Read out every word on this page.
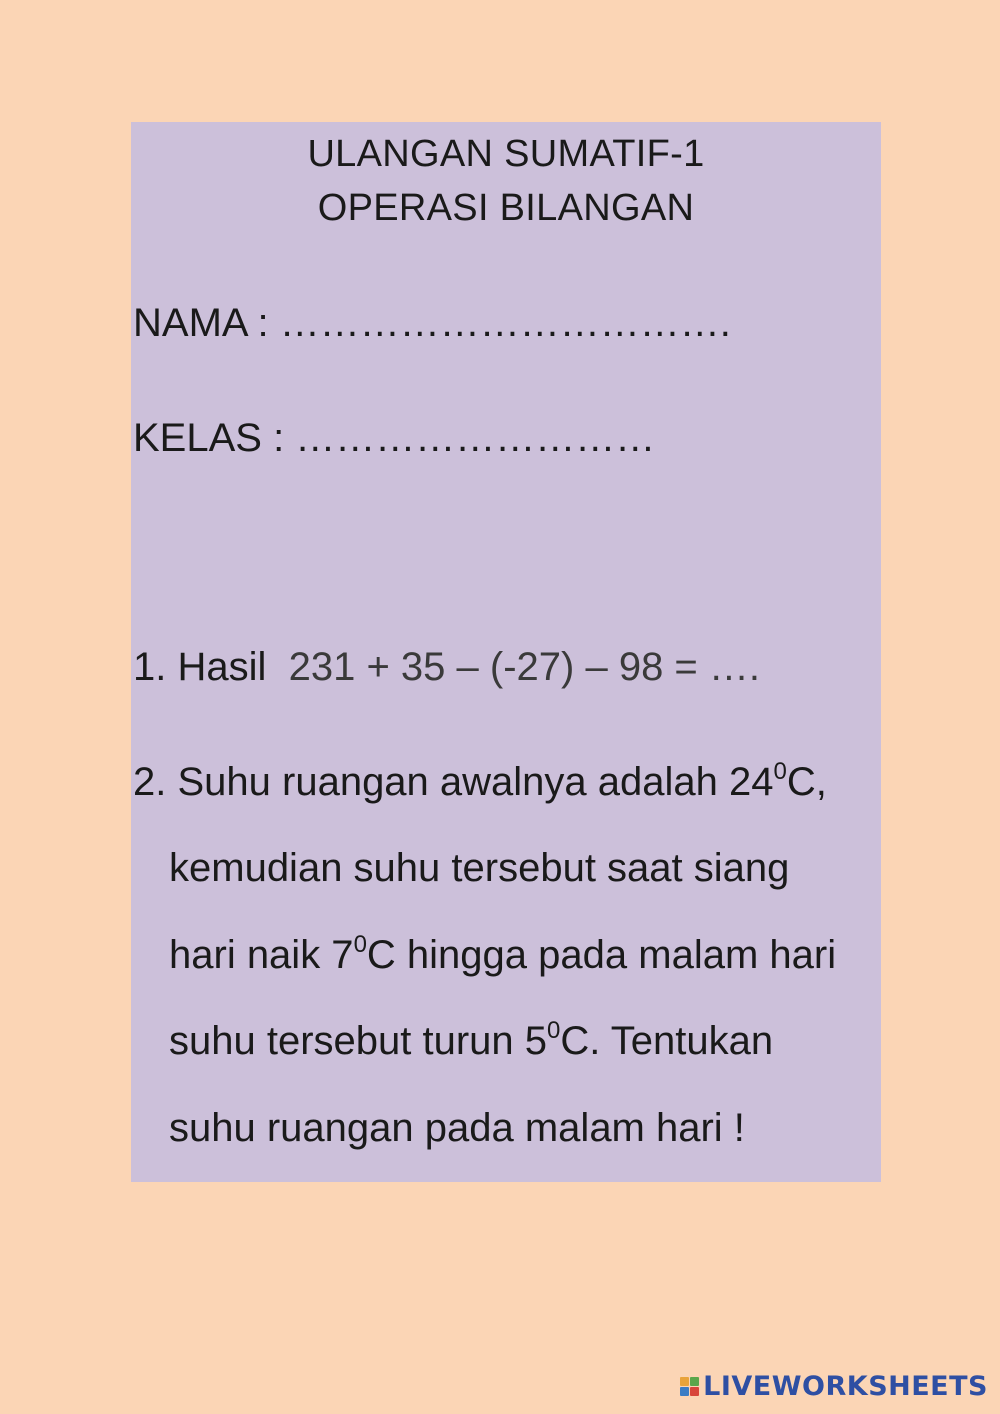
ULANGAN SUMATIF-1
OPERASI BILANGAN
NAMA : …………………………….
KELAS : ………………………
1. Hasil  231 + 35 – (-27) – 98 = ….
2. Suhu ruangan awalnya adalah $24^0C$,
kemudian suhu tersebut saat siang
hari naik $7^0C$ hingga pada malam hari
suhu tersebut turun $5^0C$. Tentukan
suhu ruangan pada malam hari !
LIVEWORKSHEETS
